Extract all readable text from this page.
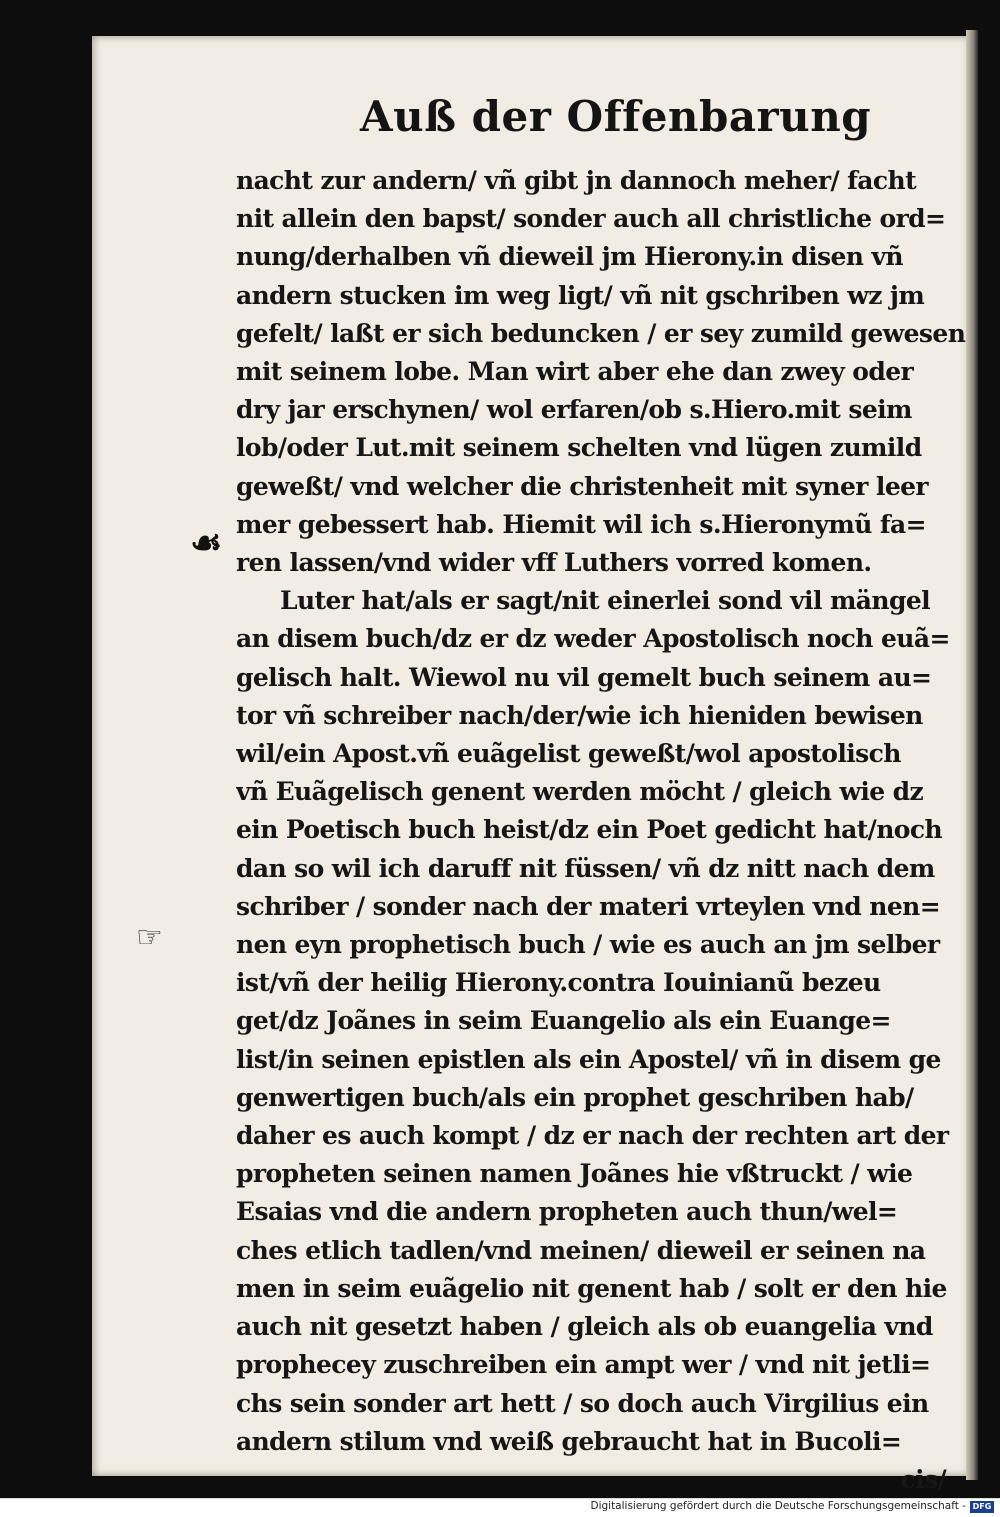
Auß der Offenbarung
☙
☞
nacht zur andern/ vñ gibt jn dannoch meher/ facht
nit allein den bapst/ sonder auch all christliche ord=
nung/derhalben vñ dieweil jm Hierony.in disen vñ
andern stucken im weg ligt/ vñ nit gschriben wz jm
gefelt/ laßt er sich beduncken / er sey zumild gewesen
mit seinem lobe. Man wirt aber ehe dan zwey oder
dry jar erschynen/ wol erfaren/ob s.Hiero.mit seim
lob/oder Lut.mit seinem schelten vnd lügen zumild
geweßt/ vnd welcher die christenheit mit syner leer
mer gebessert hab. Hiemit wil ich s.Hieronymũ fa=
ren lassen/vnd wider vff Luthers vorred komen.
Luter hat/als er sagt/nit einerlei sond vil mängel
an disem buch/dz er dz weder Apostolisch noch euã=
gelisch halt. Wiewol nu vil gemelt buch seinem au=
tor vñ schreiber nach/der/wie ich hieniden bewisen
wil/ein Apost.vñ euãgelist geweßt/wol apostolisch
vñ Euãgelisch genent werden möcht / gleich wie dz
ein Poetisch buch heist/dz ein Poet gedicht hat/noch
dan so wil ich daruff nit füssen/ vñ dz nitt nach dem
schriber / sonder nach der materi vrteylen vnd nen=
nen eyn prophetisch buch / wie es auch an jm selber
ist/vñ der heilig Hierony.contra Iouinianũ bezeu
get/dz Joãnes in seim Euangelio als ein Euange=
list/in seinen epistlen als ein Apostel/ vñ in disem ge
genwertigen buch/als ein prophet geschriben hab/
daher es auch kompt / dz er nach der rechten art der
propheten seinen namen Joãnes hie vßtruckt / wie
Esaias vnd die andern propheten auch thun/wel=
ches etlich tadlen/vnd meinen/ dieweil er seinen na
men in seim euãgelio nit genent hab / solt er den hie
auch nit gesetzt haben / gleich als ob euangelia vnd
prophecey zuschreiben ein ampt wer / vnd nit jetli=
chs sein sonder art hett / so doch auch Virgilius ein
andern stilum vnd weiß gebraucht hat in Bucoli=
cis/
Digitalisierung gefördert durch die Deutsche Forschungsgemeinschaft - DFG
